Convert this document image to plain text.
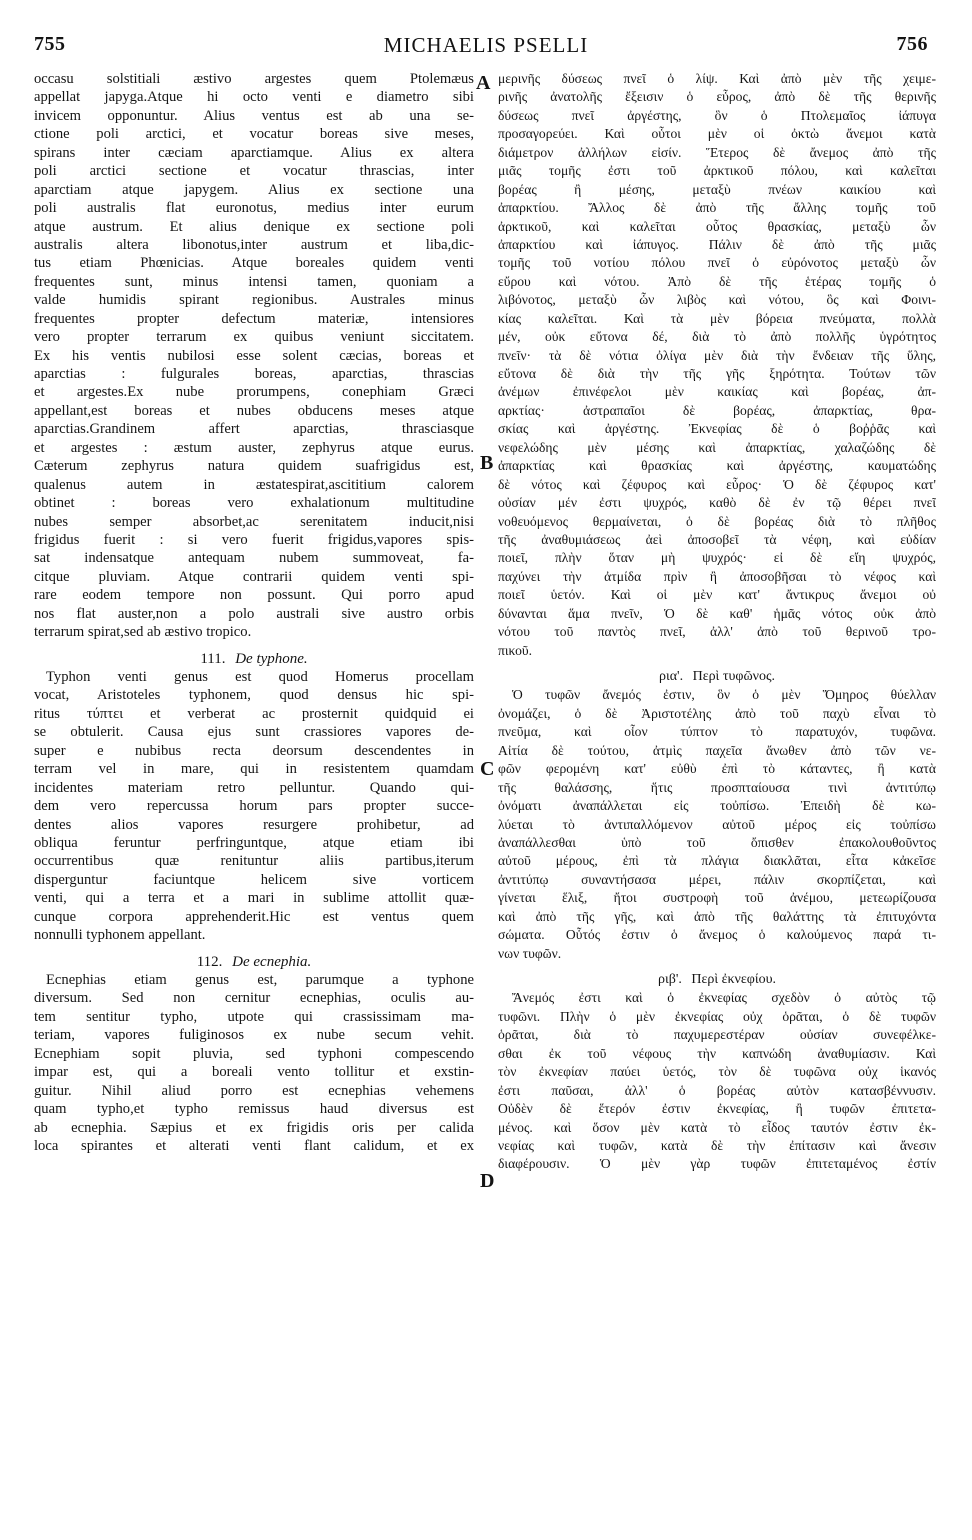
755	MICHAELIS PSELLI	756
A
B
C
D
occasu solstitiali æstivo argestes quem Ptolemæus
appellat japyga.Atque hi octo venti e diametro sibi
invicem opponuntur. Alius ventus est ab una se-
ctione poli arctici, et vocatur boreas sive meses,
spirans inter cæciam aparctiamque. Alius ex altera
poli arctici sectione et vocatur thrascias, inter
aparctiam atque japygem. Alius ex sectione una
poli australis flat euronotus, medius inter eurum
atque austrum. Et alius denique ex sectione poli
australis altera libonotus,inter austrum et liba,dic-
tus etiam Phœnicias. Atque boreales quidem venti
frequentes sunt, minus intensi tamen, quoniam a
valde humidis spirant regionibus. Australes minus
frequentes propter defectum materiæ, intensiores
vero propter terrarum ex quibus veniunt siccitatem.
Ex his ventis nubilosi esse solent cæcias, boreas et
aparctias : fulgurales boreas, aparctias, thrascias
et argestes.Ex nube prorumpens, conephiam Græci
appellant,est boreas et nubes obducens meses atque
aparctias.Grandinem affert aparctias, thrasciasque
et argestes : æstum auster, zephyrus atque eurus.
Cæterum zephyrus natura quidem suafrigidus est,
qualenus autem in æstatespirat,ascititium calorem
obtinet : boreas vero exhalationum multitudine
nubes semper absorbet,ac serenitatem inducit,nisi
frigidus fuerit : si vero fuerit frigidus,vapores spis-
sat indensatque antequam nubem summoveat, fa-
citque pluviam. Atque contrarii quidem venti spi-
rare eodem tempore non possunt. Qui porro apud
nos flat auster,non a polo australi sive austro orbis
terrarum spirat,sed ab æstivo tropico.
111. De typhone.
Typhon venti genus est quod Homerus procellam
vocat, Aristoteles typhonem, quod densus hic spi-
ritus τύπτει et verberat ac prosternit quidquid ei
se obtulerit. Causa ejus sunt crassiores vapores de-
super e nubibus recta deorsum descendentes in
terram vel in mare, qui in resistentem quamdam
incidentes materiam retro pelluntur. Quando qui-
dem vero repercussa horum pars propter succe-
dentes alios vapores resurgere prohibetur, ad
obliqua feruntur perfringuntque, atque etiam ibi
occurrentibus quæ renituntur aliis partibus,iterum
disperguntur faciuntque helicem sive vorticem
venti, qui a terra et a mari in sublime attollit quæ-
cunque corpora apprehenderit.Hic est ventus quem
nonnulli typhonem appellant.
112. De ecnephia.
Ecnephias etiam genus est, parumque a typhone
diversum. Sed non cernitur ecnephias, oculis au-
tem sentitur typho, utpote qui crassissimam ma-
teriam, vapores fuliginosos ex nube secum vehit.
Ecnephiam sopit pluvia, sed typhoni compescendo
impar est, qui a boreali vento tollitur et exstin-
guitur. Nihil aliud porro est ecnephias vehemens
quam typho,et typho remissus haud diversus est
ab ecnephia. Sæpius et ex frigidis oris per calida
loca spirantes et alterati venti flant calidum, et ex
μερινῆς δύσεως πνεῖ ὁ λίψ. Καὶ ἀπὸ μὲν τῆς χειμε-
ρινῆς ἀνατολῆς ἔξεισιν ὁ εὖρος, ἀπὸ δὲ τῆς θερινῆς
δύσεως πνεῖ ἀργέστης, ὃν ὁ Πτολεμαῖος ἰάπυγα
προσαγορεύει. Καὶ οὗτοι μὲν οἱ ὀκτὼ ἄνεμοι κατὰ
διάμετρον ἀλλήλων εἰσίν. Ἕτερος δὲ ἄνεμος ἀπὸ τῆς
μιᾶς τομῆς ἐστι τοῦ ἀρκτικοῦ πόλου, καὶ καλεῖται
βορέας ἢ μέσης, μεταξὺ πνέων καικίου καὶ
ἀπαρκτίου. Ἄλλος δὲ ἀπὸ τῆς ἄλλης τομῆς τοῦ
ἀρκτικοῦ, καὶ καλεῖται οὗτος θρασκίας, μεταξὺ ὧν
ἀπαρκτίου καὶ ἰάπυγος. Πάλιν δὲ ἀπὸ τῆς μιᾶς
τομῆς τοῦ νοτίου πόλου πνεῖ ὁ εὐρόνοτος μεταξὺ ὧν
εὔρου καὶ νότου. Ἀπὸ δὲ τῆς ἑτέρας τομῆς ὁ
λιβόνοτος, μεταξὺ ὧν λιβὸς καὶ νότου, ὃς καὶ Φοινι-
κίας καλεῖται. Καὶ τὰ μὲν βόρεια πνεύματα, πολλὰ
μέν, οὐκ εὔτονα δέ, διὰ τὸ ἀπὸ πολλῆς ὑγρότητος
πνεῖν· τὰ δὲ νότια ὀλίγα μὲν διὰ τὴν ἔνδειαν τῆς ὕλης,
εὔτονα δὲ διὰ τὴν τῆς γῆς ξηρότητα. Τούτων τῶν
ἀνέμων ἐπινέφελοι μὲν καικίας καὶ βορέας, ἀπ-
αρκτίας· ἀστραπαῖοι δὲ βορέας, ἀπαρκτίας, θρα-
σκίας καὶ ἀργέστης. Ἐκνεφίας δὲ ὁ βοῤῥᾶς καὶ
νεφελώδης μὲν μέσης καὶ ἀπαρκτίας, χαλαζώδης δὲ
ἀπαρκτίας καὶ θρασκίας καὶ ἀργέστης, καυματώδης
δὲ νότος καὶ ζέφυρος καὶ εὖρος· Ὁ δὲ ζέφυρος κατ'
οὐσίαν μέν ἐστι ψυχρός, καθὸ δὲ ἐν τῷ θέρει πνεῖ
νοθευόμενος θερμαίνεται, ὁ δὲ βορέας διὰ τὸ πλῆθος
τῆς ἀναθυμιάσεως ἀεὶ ἀποσοβεῖ τὰ νέφη, καὶ εὐδίαν
ποιεῖ, πλὴν ὅταν μὴ ψυχρός· εἰ δὲ εἴη ψυχρός,
παχύνει τὴν ἀτμίδα πρὶν ἢ ἀποσοβῆσαι τὸ νέφος καὶ
ποιεῖ ὑετόν. Καὶ οἱ μὲν κατ' ἄντικρυς ἄνεμοι οὐ
δύνανται ἅμα πνεῖν, Ὁ δὲ καθ' ἡμᾶς νότος οὐκ ἀπὸ
νότου τοῦ παντὸς πνεῖ, ἀλλ' ἀπὸ τοῦ θερινοῦ τρο-
πικοῦ.
ρια'. Περὶ τυφῶνος.
Ὁ τυφῶν ἄνεμός ἐστιν, ὃν ὁ μὲν Ὅμηρος θύελλαν
ὀνομάζει, ὁ δὲ Ἀριστοτέλης ἀπὸ τοῦ παχὺ εἶναι τὸ
πνεῦμα, καὶ οἷον τύπτον τὸ παρατυχόν, τυφῶνα.
Αἰτία δὲ τούτου, ἀτμὶς παχεῖα ἄνωθεν ἀπὸ τῶν νε-
φῶν φερομένη κατ' εὐθὺ ἐπὶ τὸ κάταντες, ἢ κατὰ
τῆς θαλάσσης, ἥτις προσπταίουσα τινὶ ἀντιτύπῳ
ὀνόματι ἀναπάλλεται εἰς τοὐπίσω. Ἐπειδὴ δὲ κω-
λύεται τὸ ἀντιπαλλόμενον αὐτοῦ μέρος εἰς τοὐπίσω
ἀναπάλλεσθαι ὑπὸ τοῦ ὄπισθεν ἐπακολουθοῦντος
αὐτοῦ μέρους, ἐπὶ τὰ πλάγια διακλᾶται, εἶτα κἀκεῖσε
ἀντιτύπῳ συναντήσασα μέρει, πάλιν σκορπίζεται, καὶ
γίνεται ἕλιξ, ἤτοι συστροφὴ τοῦ ἀνέμου, μετεωρίζουσα
καὶ ἀπὸ τῆς γῆς, καὶ ἀπὸ τῆς θαλάττης τὰ ἐπιτυχόντα
σώματα. Οὗτός ἐστιν ὁ ἄνεμος ὁ καλούμενος παρά τι-
νων τυφῶν.
ριβ'. Περὶ ἐκνεφίου.
Ἄνεμός ἐστι καὶ ὁ ἐκνεφίας σχεδὸν ὁ αὐτὸς τῷ
τυφῶνι. Πλὴν ὁ μὲν ἐκνεφίας οὐχ ὁρᾶται, ὁ δὲ τυφῶν
ὁρᾶται, διὰ τὸ παχυμερεστέραν οὐσίαν συνεφέλκε-
σθαι ἐκ τοῦ νέφους τὴν καπνώδη ἀναθυμίασιν. Καὶ
τὸν ἐκνεφίαν παύει ὑετός, τὸν δὲ τυφῶνα οὐχ ἱκανός
ἐστι παῦσαι, ἀλλ' ὁ βορέας αὐτὸν κατασβέννυσιν.
Οὐδὲν δὲ ἕτερόν ἐστιν ἐκνεφίας, ἢ τυφῶν ἐπιτετα-
μένος. καὶ ὅσον μὲν κατὰ τὸ εἶδος ταυτόν ἐστιν ἐκ-
νεφίας καὶ τυφῶν, κατὰ δὲ τὴν ἐπίτασιν καὶ ἄνεσιν
διαφέρουσιν. Ὁ μὲν γὰρ τυφῶν ἐπιτεταμένος ἐστίν
